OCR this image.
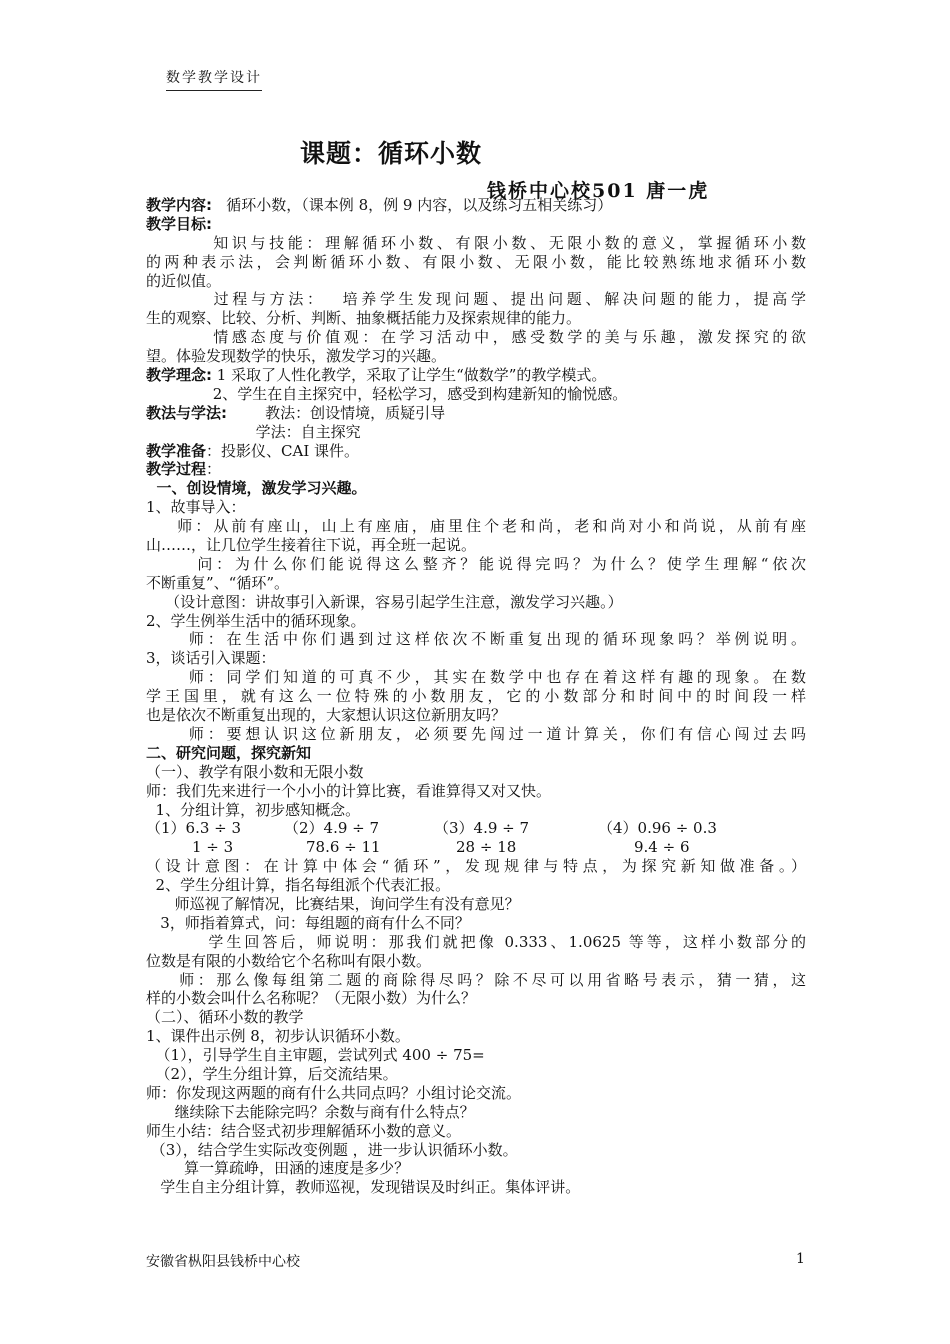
数学教学设计
课题：循环小数
钱桥中心校501 唐一虎
教学内容:   循环小数，（课本例 8，例 9 内容，以及练习五相关练习）
教学目标:
知识与技能：理解循环小数、有限小数、无限小数的意义，掌握循环小数
的两种表示法，会判断循环小数、有限小数、无限小数，能比较熟练地求循环小数
的近似值。
过程与方法：  培养学生发现问题、提出问题、解决问题的能力，提高学
生的观察、比较、分析、判断、抽象概括能力及探索规律的能力。
情感态度与价值观：在学习活动中，感受数学的美与乐趣，激发探究的欲
望。体验发现数学的快乐，激发学习的兴趣。
教学理念: 1 采取了人性化教学，采取了让学生“做数学”的教学模式。
2、学生在自主探究中，轻松学习，感受到构建新知的愉悦感。
教法与学法:        教法：创设情境，质疑引导
学法：自主探究
教学准备：投影仪、CAI 课件。
教学过程：
一、创设情境，激发学习兴趣。
1、故事导入：
师：从前有座山，山上有座庙，庙里住个老和尚，老和尚对小和尚说，从前有座
山……，让几位学生接着往下说，再全班一起说。
问：为什么你们能说得这么整齐？能说得完吗？为什么？使学生理解“依次
不断重复”、“循环”。
（设计意图：讲故事引入新课，容易引起学生注意，激发学习兴趣。）
2、学生例举生活中的循环现象。
师：在生活中你们遇到过这样依次不断重复出现的循环现象吗？举例说明。
3，谈话引入课题：
师：同学们知道的可真不少，其实在数学中也存在着这样有趣的现象。在数
学王国里，就有这么一位特殊的小数朋友，它的小数部分和时间中的时间段一样
也是依次不断重复出现的，大家想认识这位新朋友吗？
师：要想认识这位新朋友，必须要先闯过一道计算关，你们有信心闯过去吗
二、研究问题，探究新知
（一）、教学有限小数和无限小数
师：我们先来进行一个小小的计算比赛，看谁算得又对又快。
1、分组计算，初步感知概念。
（1）6.3 ÷ 3	（2）4.9 ÷ 7	（3）4.9 ÷ 7	（4）0.96 ÷ 0.3
1 ÷ 3	78.6 ÷ 11	28 ÷ 18	9.4 ÷ 6
（设计意图：在计算中体会“循环”，发现规律与特点，为探究新知做准备。）
2、学生分组计算，指名每组派个代表汇报。
师巡视了解情况，比赛结果，询问学生有没有意见？
3，师指着算式，问：每组题的商有什么不同？
学生回答后，师说明：那我们就把像 0.333、1.0625 等等，这样小数部分的
位数是有限的小数给它个名称叫有限小数。
师：那么像每组第二题的商除得尽吗？除不尽可以用省略号表示，猜一猜，这
样的小数会叫什么名称呢？（无限小数）为什么？
（二）、循环小数的教学
1、课件出示例 8，初步认识循环小数。
（1），引导学生自主审题，尝试列式 400 ÷ 75=
（2），学生分组计算，后交流结果。
师：你发现这两题的商有什么共同点吗？小组讨论交流。
继续除下去能除完吗？余数与商有什么特点？
师生小结：结合竖式初步理解循环小数的意义。
（3），结合学生实际改变例题 ，进一步认识循环小数。
算一算疏峥，田涵的速度是多少？
学生自主分组计算，教师巡视，发现错误及时纠正。集体评讲。
安徽省枞阳县钱桥中心校	1
